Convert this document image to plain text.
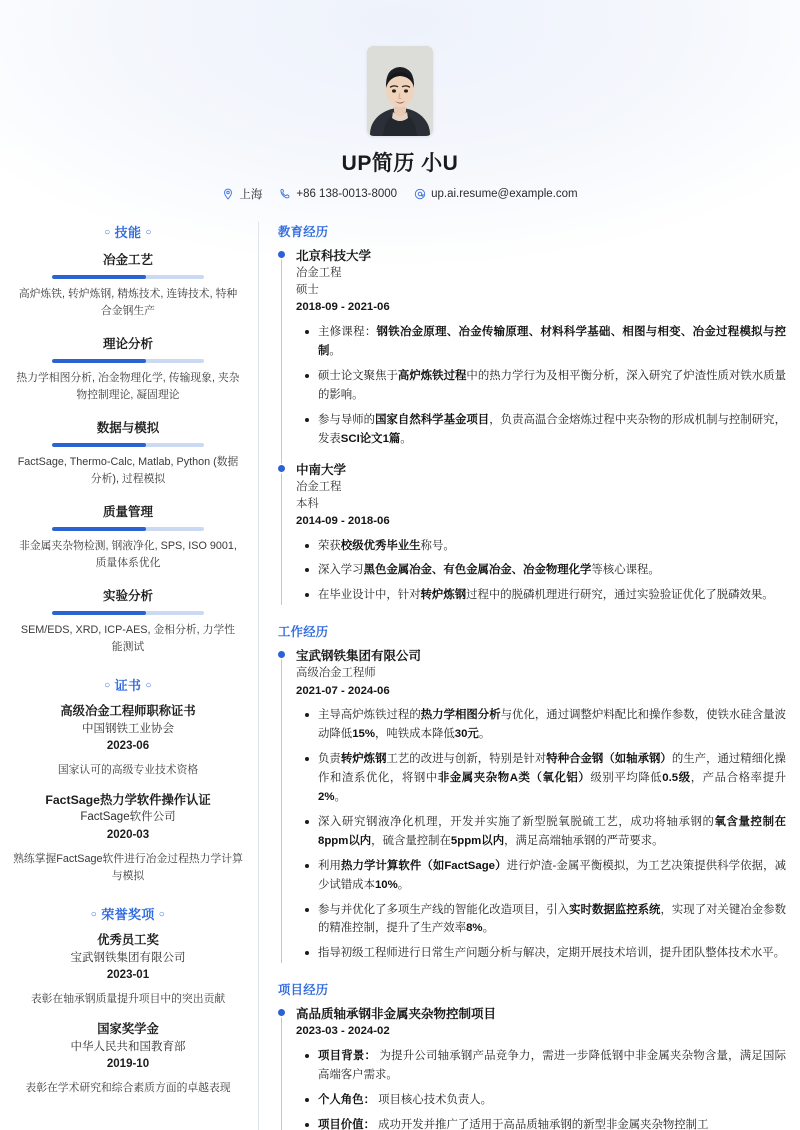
UP简历 小U
上海	+86 138-0013-8000	up.ai.resume@example.com
○ 技能 ○
冶金工艺
高炉炼铁, 转炉炼钢, 精炼技术, 连铸技术, 特种合金钢生产
理论分析
热力学相图分析, 冶金物理化学, 传输现象, 夹杂物控制理论, 凝固理论
数据与模拟
FactSage, Thermo-Calc, Matlab, Python (数据分析), 过程模拟
质量管理
非金属夹杂物检测, 钢液净化, SPS, ISO 9001, 质量体系优化
实验分析
SEM/EDS, XRD, ICP-AES, 金相分析, 力学性能测试
○ 证书 ○
高级冶金工程师职称证书
中国钢铁工业协会
2023-06
国家认可的高级专业技术资格
FactSage热力学软件操作认证
FactSage软件公司
2020-03
熟练掌握FactSage软件进行冶金过程热力学计算与模拟
○ 荣誉奖项 ○
优秀员工奖
宝武钢铁集团有限公司
2023-01
表彰在轴承钢质量提升项目中的突出贡献
国家奖学金
中华人民共和国教育部
2019-10
表彰在学术研究和综合素质方面的卓越表现
教育经历
北京科技大学
冶金工程
硕士
2018-09 - 2021-06
主修课程：钢铁冶金原理、冶金传输原理、材料科学基础、相图与相变、冶金过程模拟与控制。
硕士论文聚焦于高炉炼铁过程中的热力学行为及相平衡分析，深入研究了炉渣性质对铁水质量的影响。
参与导师的国家自然科学基金项目，负责高温合金熔炼过程中夹杂物的形成机制与控制研究，发表SCI论文1篇。
中南大学
冶金工程
本科
2014-09 - 2018-06
荣获校级优秀毕业生称号。
深入学习黑色金属冶金、有色金属冶金、冶金物理化学等核心课程。
在毕业设计中，针对转炉炼钢过程中的脱磷机理进行研究，通过实验验证优化了脱磷效果。
工作经历
宝武钢铁集团有限公司
高级冶金工程师
2021-07 - 2024-06
主导高炉炼铁过程的热力学相图分析与优化，通过调整炉料配比和操作参数，使铁水硅含量波动降低15%，吨铁成本降低30元。
负责转炉炼钢工艺的改进与创新，特别是针对特种合金钢（如轴承钢）的生产，通过精细化操作和渣系优化，将钢中非金属夹杂物A类（氧化铝）级别平均降低0.5级，产品合格率提升2%。
深入研究钢液净化机理，开发并实施了新型脱氧脱硫工艺，成功将轴承钢的氧含量控制在8ppm以内，硫含量控制在5ppm以内，满足高端轴承钢的严苛要求。
利用热力学计算软件（如FactSage）进行炉渣-金属平衡模拟，为工艺决策提供科学依据，减少试错成本10%。
参与并优化了多项生产线的智能化改造项目，引入实时数据监控系统，实现了对关键冶金参数的精准控制，提升了生产效率8%。
指导初级工程师进行日常生产问题分析与解决，定期开展技术培训，提升团队整体技术水平。
项目经历
高品质轴承钢非金属夹杂物控制项目
2023-03 - 2024-02
项目背景： 为提升公司轴承钢产品竞争力，需进一步降低钢中非金属夹杂物含量，满足国际高端客户需求。
个人角色： 项目核心技术负责人。
项目价值： 成功开发并推广了适用于高品质轴承钢的新型非金属夹杂物控制工
